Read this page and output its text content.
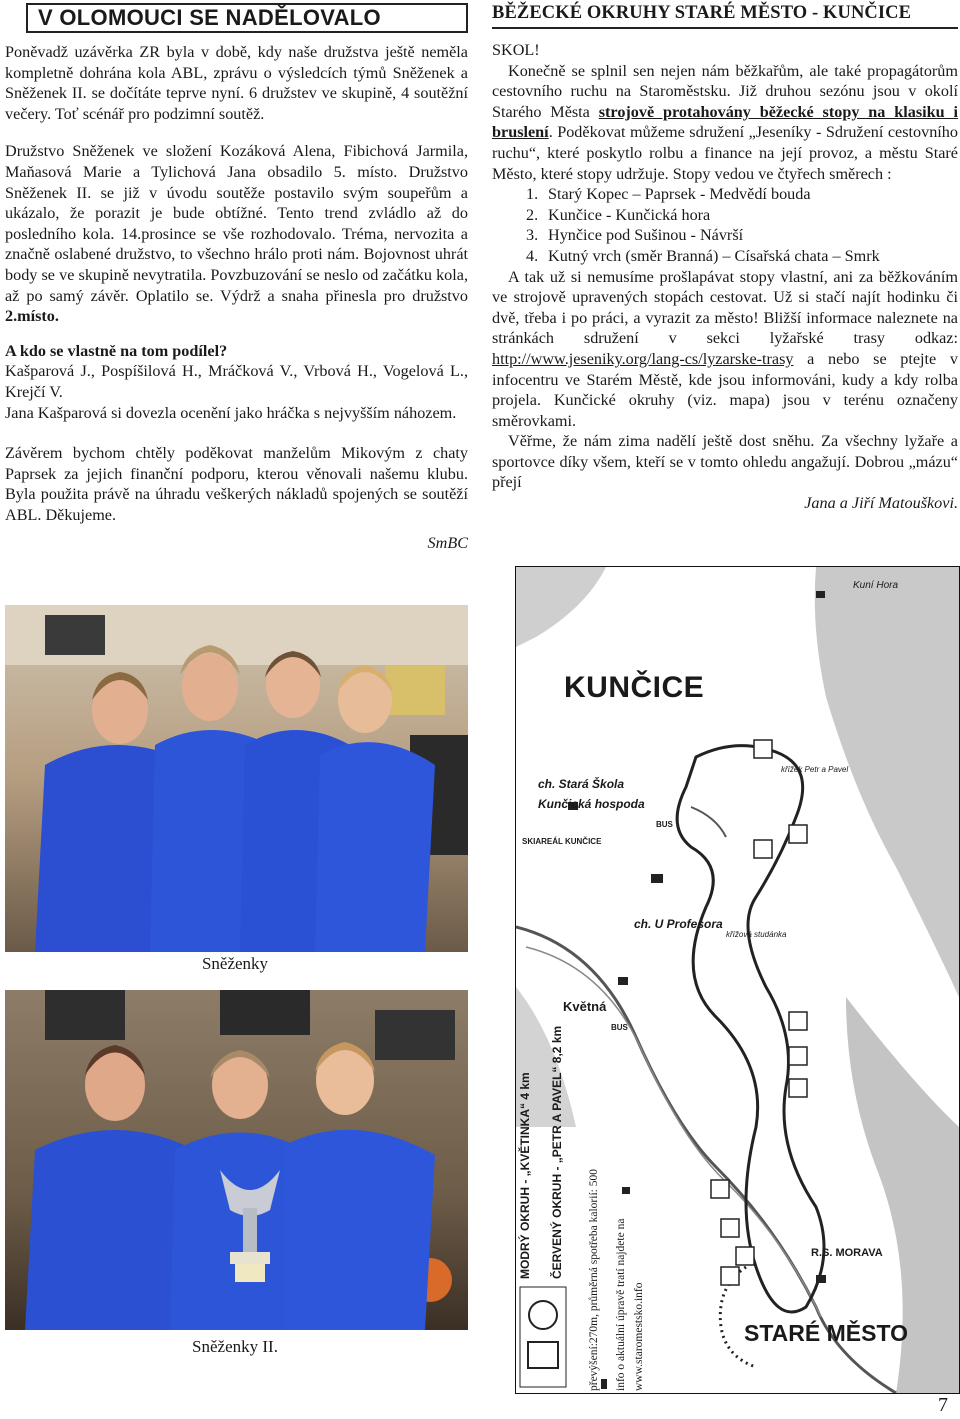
V OLOMOUCI SE NADĚLOVALO

Poněvadž uzávěrka ZR byla v době, kdy naše družstva ještě neměla kompletně dohrána kola ABL, zprávu o výsledcích týmů Sněženek a Sněženek II. se dočítáte teprve nyní. 6 družstev ve skupině, 4 soutěžní večery. Toť scénář pro podzimní soutěž.

Družstvo Sněženek ve složení Kozáková Alena, Fibichová Jarmila, Maňasová Marie a Tylichová Jana obsadilo 5. místo. Družstvo Sněženek II. se již v úvodu soutěže postavilo svým soupeřům a ukázalo, že porazit je bude obtížné. Tento trend zvládlo až do posledního kola. 14.prosince se vše rozhodovalo. Tréma, nervozita a značně oslabené družstvo, to všechno hrálo proti nám. Bojovnost uhrát body se ve skupině nevytratila. Povzbuzování se neslo od začátku kola, až po samý závěr. Oplatilo se. Výdrž a snaha přinesla pro družstvo 2.místo.

A kdo se vlastně na tom podílel?

Kašparová J., Pospíšilová H., Mráčková V., Vrbová H., Vogelová L., Krejčí V.

Jana Kašparová si dovezla ocenění jako hráčka s nejvyšším náhozem.

Závěrem bychom chtěly poděkovat manželům Mikovým z chaty Paprsek za jejich finanční podporu, kterou věnovali našemu klubu. Byla použita právě na úhradu veškerých nákladů spojených se soutěží ABL. Děkujeme.

SmBC

Sněženky
Sněženky II.
BĚŽECKÉ OKRUHY STARÉ MĚSTO - KUNČICE

SKOL!

Konečně se splnil sen nejen nám běžkařům, ale také propagátorům cestovního ruchu na Staroměstsku. Již druhou sezónu jsou v okolí Starého Města strojově protahovány běžecké stopy na klasiku i bruslení. Poděkovat můžeme sdružení „Jeseníky - Sdružení cestovního ruchu“, které poskytlo rolbu a finance na její provoz, a městu Staré Město, které stopy udržuje. Stopy vedou ve čtyřech směrech :

1. Starý Kopec – Paprsek - Medvědí bouda
2. Kunčice - Kunčická hora
3. Hynčice pod Sušinou - Návrší
4. Kutný vrch (směr Branná) – Císařská chata – Smrk

A tak už si nemusíme prošlapávat stopy vlastní, ani za běžkováním ve strojově upravených stopách cestovat. Už si stačí najít hodinku či dvě, třeba i po práci, a vyrazit za město! Bližší informace naleznete na stránkách sdružení v sekci lyžařské trasy odkaz: http://www.jeseniky.org/lang-cs/lyzarske-trasy a nebo se ptejte v infocentru ve Starém Městě, kde jsou informováni, kudy a kdy rolba projela. Kunčické okruhy (viz. mapa) jsou v terénu označeny směrovkami.

Věřme, že nám zima nadělí ještě dost sněhu. Za všechny lyžaře a sportovce díky všem, kteří se v tomto ohledu angažují. Dobrou „mázu“ přejí

Jana a Jiří Matouškovi.

Kuní Hora
KUNČICE
ch. Stará Škola
Kunčická hospoda
křížek Petr a Pavel
BUS
SKIAREÁL KUNČICE
ch. U Profesora
křížová studánka
Květná
BUS
R.S. MORAVA
STARÉ MĚSTO
MODRÝ OKRUH - „KVĚTINKA“ 4 km ČERVENÝ OKRUH - „PETR A PAVEL“ 8,2 km
převýšení:270m, průměrná spotřeba kalorií: 500 info o aktuální úpravě tratí najdete na www.staromestsko.info
7
